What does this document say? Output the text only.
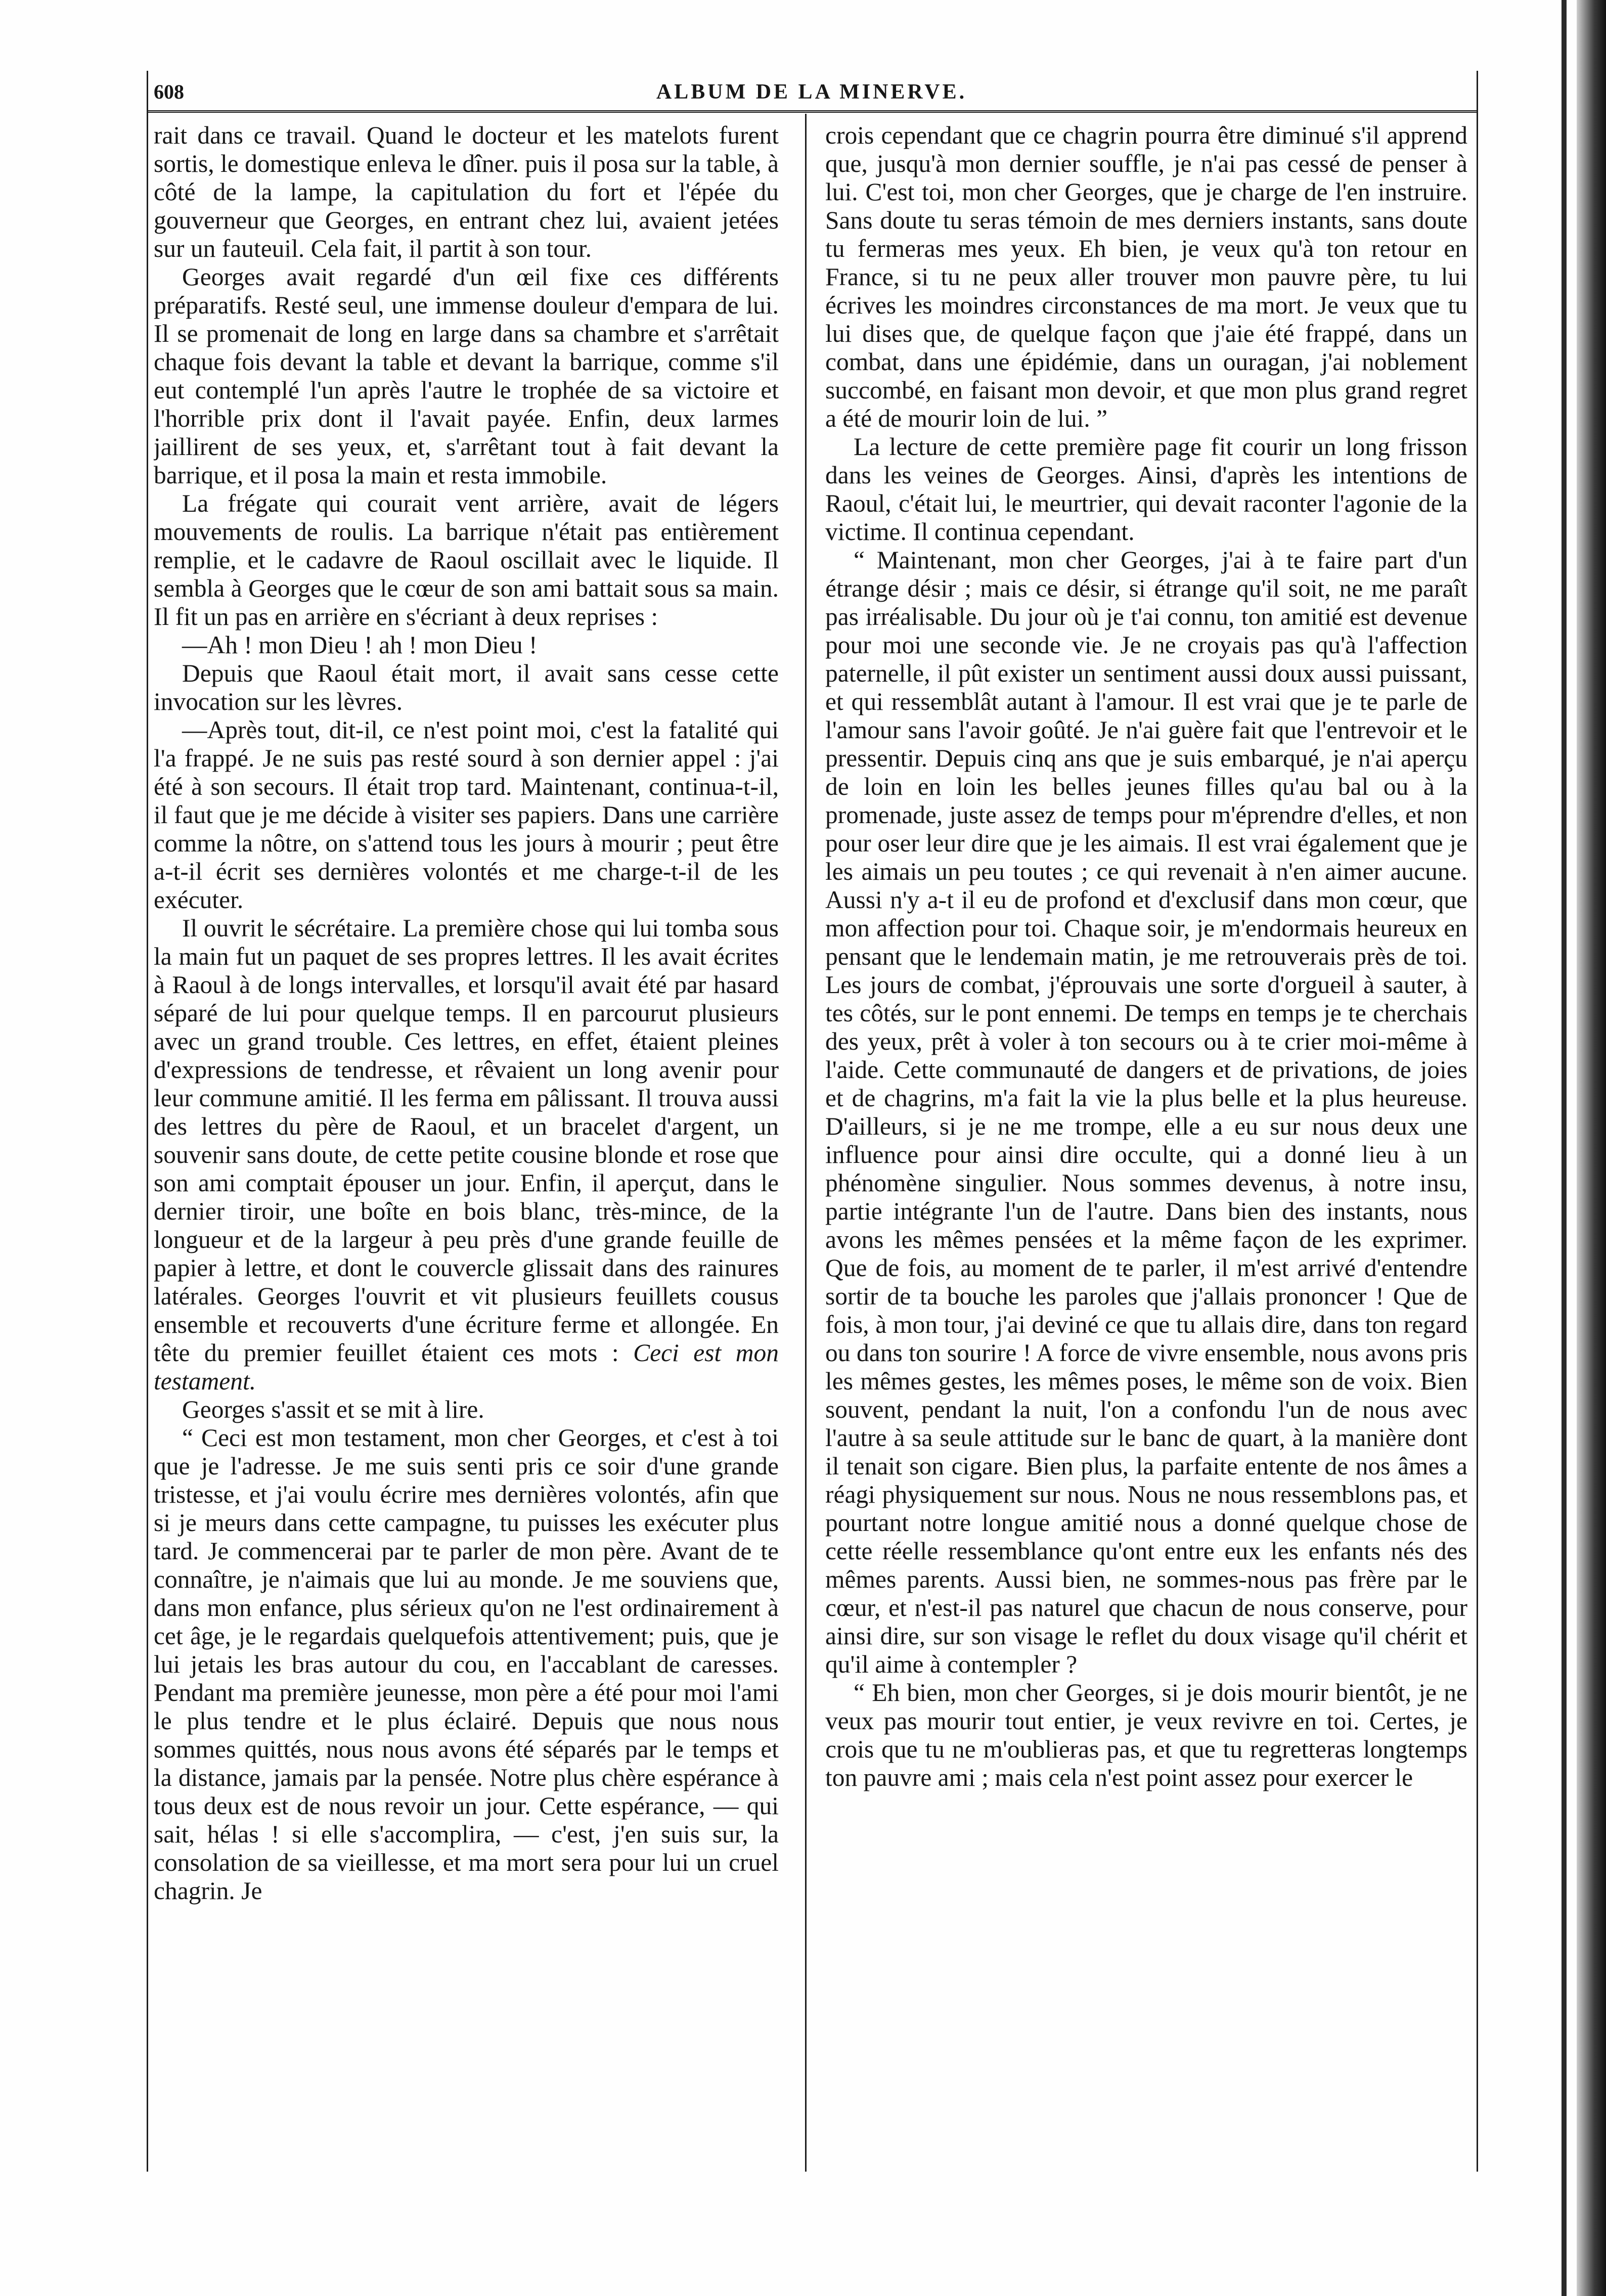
608	ALBUM DE LA MINERVE.

rait dans ce travail. Quand le docteur et les matelots furent sortis, le domestique enleva le dîner. puis il posa sur la table, à côté de la lampe, la capitulation du fort et l'épée du gouverneur que Georges, en entrant chez lui, avaient jetées sur un fauteuil. Cela fait, il partit à son tour.

Georges avait regardé d'un œil fixe ces différents préparatifs. Resté seul, une immense douleur d'empara de lui. Il se promenait de long en large dans sa chambre et s'arrêtait chaque fois devant la table et devant la barrique, comme s'il eut contemplé l'un après l'autre le trophée de sa victoire et l'horrible prix dont il l'avait payée. Enfin, deux larmes jaillirent de ses yeux, et, s'arrêtant tout à fait devant la barrique, et il posa la main et resta immobile.

La frégate qui courait vent arrière, avait de légers mouvements de roulis. La barrique n'était pas entièrement remplie, et le cadavre de Raoul oscillait avec le liquide. Il sembla à Georges que le cœur de son ami battait sous sa main. Il fit un pas en arrière en s'écriant à deux reprises :

—Ah ! mon Dieu ! ah ! mon Dieu !

Depuis que Raoul était mort, il avait sans cesse cette invocation sur les lèvres.

—Après tout, dit-il, ce n'est point moi, c'est la fatalité qui l'a frappé. Je ne suis pas resté sourd à son dernier appel : j'ai été à son secours. Il était trop tard. Maintenant, continua-t-il, il faut que je me décide à visiter ses papiers. Dans une carrière comme la nôtre, on s'attend tous les jours à mourir ; peut être a-t-il écrit ses dernières volontés et me charge-t-il de les exécuter.

Il ouvrit le sécrétaire. La première chose qui lui tomba sous la main fut un paquet de ses propres lettres. Il les avait écrites à Raoul à de longs intervalles, et lorsqu'il avait été par hasard séparé de lui pour quelque temps. Il en parcourut plusieurs avec un grand trouble. Ces lettres, en effet, étaient pleines d'expressions de tendresse, et rêvaient un long avenir pour leur commune amitié. Il les ferma em pâlissant. Il trouva aussi des lettres du père de Raoul, et un bracelet d'argent, un souvenir sans doute, de cette petite cousine blonde et rose que son ami comptait épouser un jour. Enfin, il aperçut, dans le dernier tiroir, une boîte en bois blanc, très-mince, de la longueur et de la largeur à peu près d'une grande feuille de papier à lettre, et dont le couvercle glissait dans des rainures latérales. Georges l'ouvrit et vit plusieurs feuillets cousus ensemble et recouverts d'une écriture ferme et allongée. En tête du premier feuillet étaient ces mots : Ceci est mon testament.

Georges s'assit et se mit à lire.

“ Ceci est mon testament, mon cher Georges, et c'est à toi que je l'adresse. Je me suis senti pris ce soir d'une grande tristesse, et j'ai voulu écrire mes dernières volontés, afin que si je meurs dans cette campagne, tu puisses les exécuter plus tard. Je commencerai par te parler de mon père. Avant de te connaître, je n'aimais que lui au monde. Je me souviens que, dans mon enfance, plus sérieux qu'on ne l'est ordinairement à cet âge, je le regardais quelquefois attentivement; puis, que je lui jetais les bras autour du cou, en l'accablant de caresses. Pendant ma première jeunesse, mon père a été pour moi l'ami le plus tendre et le plus éclairé. Depuis que nous nous sommes quittés, nous nous avons été séparés par le temps et la distance, jamais par la pensée. Notre plus chère espérance à tous deux est de nous revoir un jour. Cette espérance, — qui sait, hélas ! si elle s'accomplira, — c'est, j'en suis sur, la consolation de sa vieillesse, et ma mort sera pour lui un cruel chagrin. Je

crois cependant que ce chagrin pourra être diminué s'il apprend que, jusqu'à mon dernier souffle, je n'ai pas cessé de penser à lui. C'est toi, mon cher Georges, que je charge de l'en instruire. Sans doute tu seras témoin de mes derniers instants, sans doute tu fermeras mes yeux. Eh bien, je veux qu'à ton retour en France, si tu ne peux aller trouver mon pauvre père, tu lui écrives les moindres circonstances de ma mort. Je veux que tu lui dises que, de quelque façon que j'aie été frappé, dans un combat, dans une épidémie, dans un ouragan, j'ai noblement succombé, en faisant mon devoir, et que mon plus grand regret a été de mourir loin de lui. ”

La lecture de cette première page fit courir un long frisson dans les veines de Georges. Ainsi, d'après les intentions de Raoul, c'était lui, le meurtrier, qui devait raconter l'agonie de la victime. Il continua cependant.

“ Maintenant, mon cher Georges, j'ai à te faire part d'un étrange désir ; mais ce désir, si étrange qu'il soit, ne me paraît pas irréalisable. Du jour où je t'ai connu, ton amitié est devenue pour moi une seconde vie. Je ne croyais pas qu'à l'affection paternelle, il pût exister un sentiment aussi doux aussi puissant, et qui ressemblât autant à l'amour. Il est vrai que je te parle de l'amour sans l'avoir goûté. Je n'ai guère fait que l'entrevoir et le pressentir. Depuis cinq ans que je suis embarqué, je n'ai aperçu de loin en loin les belles jeunes filles qu'au bal ou à la promenade, juste assez de temps pour m'éprendre d'elles, et non pour oser leur dire que je les aimais. Il est vrai également que je les aimais un peu toutes ; ce qui revenait à n'en aimer aucune. Aussi n'y a-t il eu de profond et d'exclusif dans mon cœur, que mon affection pour toi. Chaque soir, je m'endormais heureux en pensant que le lendemain matin, je me retrouverais près de toi. Les jours de combat, j'éprouvais une sorte d'orgueil à sauter, à tes côtés, sur le pont ennemi. De temps en temps je te cherchais des yeux, prêt à voler à ton secours ou à te crier moi-même à l'aide. Cette communauté de dangers et de privations, de joies et de chagrins, m'a fait la vie la plus belle et la plus heureuse. D'ailleurs, si je ne me trompe, elle a eu sur nous deux une influence pour ainsi dire occulte, qui a donné lieu à un phénomène singulier. Nous sommes devenus, à notre insu, partie intégrante l'un de l'autre. Dans bien des instants, nous avons les mêmes pensées et la même façon de les exprimer. Que de fois, au moment de te parler, il m'est arrivé d'entendre sortir de ta bouche les paroles que j'allais prononcer ! Que de fois, à mon tour, j'ai deviné ce que tu allais dire, dans ton regard ou dans ton sourire ! A force de vivre ensemble, nous avons pris les mêmes gestes, les mêmes poses, le même son de voix. Bien souvent, pendant la nuit, l'on a confondu l'un de nous avec l'autre à sa seule attitude sur le banc de quart, à la manière dont il tenait son cigare. Bien plus, la parfaite entente de nos âmes a réagi physiquement sur nous. Nous ne nous ressemblons pas, et pourtant notre longue amitié nous a donné quelque chose de cette réelle ressemblance qu'ont entre eux les enfants nés des mêmes parents. Aussi bien, ne sommes-nous pas frère par le cœur, et n'est-il pas naturel que chacun de nous conserve, pour ainsi dire, sur son visage le reflet du doux visage qu'il chérit et qu'il aime à contempler ?

“ Eh bien, mon cher Georges, si je dois mourir bientôt, je ne veux pas mourir tout entier, je veux revivre en toi. Certes, je crois que tu ne m'oublieras pas, et que tu regretteras longtemps ton pauvre ami ; mais cela n'est point assez pour exercer le
